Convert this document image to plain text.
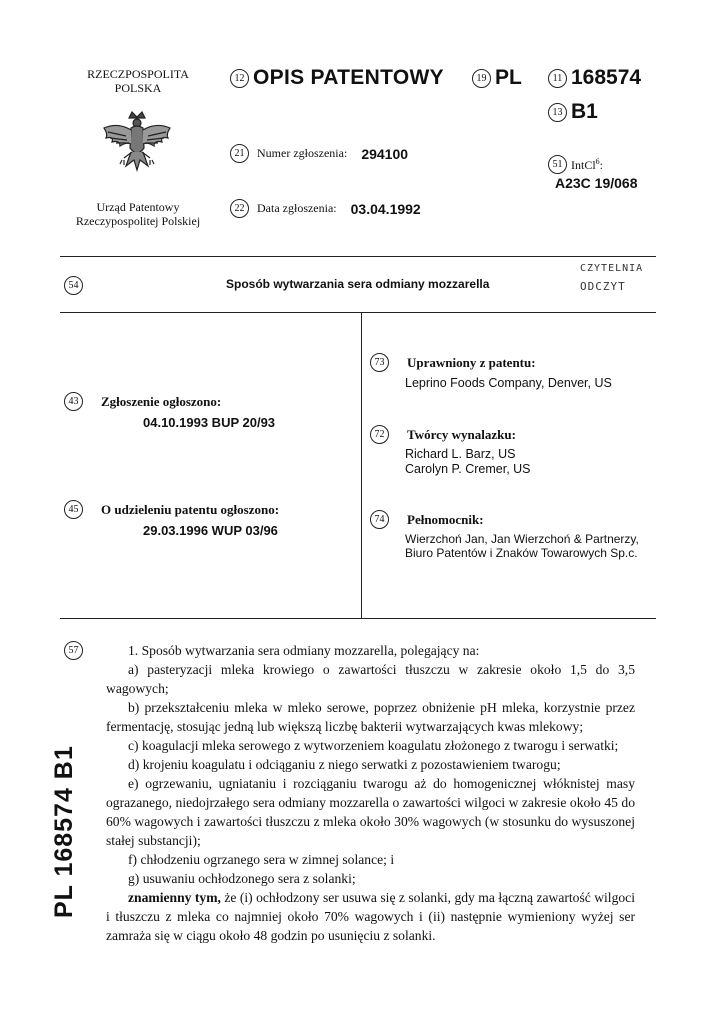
RZECZPOSPOLITA
POLSKA
Urząd Patentowy
Rzeczypospolitej Polskiej
12 OPIS PATENTOWY	19 PL	11 168574
13 B1
21 Numer zgłoszenia: 294100
51 IntCl$^6$:
A23C 19/068
22 Data zgłoszenia: 03.04.1992
54	Sposób wytwarzania sera odmiany mozzarella
CZYTELNIA
ODCZYT
43 Zgłoszenie ogłoszono:
04.10.1993 BUP 20/93
45 O udzieleniu patentu ogłoszono:
29.03.1996 WUP 03/96
73 Uprawniony z patentu:
Leprino Foods Company, Denver, US
72 Twórcy wynalazku:
Richard L. Barz, US
Carolyn P. Cremer, US
74 Pełnomocnik:
Wierzchoń Jan, Jan Wierzchoń & Partnerzy,
Biuro Patentów i Znaków Towarowych Sp.c.
57	1. Sposób wytwarzania sera odmiany mozzarella, polegający na:

a) pasteryzacji mleka krowiego o zawartości tłuszczu w zakresie około 1,5 do 3,5 wagowych;

b) przekształceniu mleka w mleko serowe, poprzez obniżenie pH mleka, korzystnie przez fermentację, stosując jedną lub większą liczbę bakterii wytwarzających kwas mlekowy;

c) koagulacji mleka serowego z wytworzeniem koagulatu złożonego z twarogu i serwatki;

d) krojeniu koagulatu i odciąganiu z niego serwatki z pozostawieniem twarogu;

e) ogrzewaniu, ugniataniu i rozciąganiu twarogu aż do homogenicznej włóknistej masy ograzanego, niedojrzałego sera odmiany mozzarella o zawartości wilgoci w zakresie około 45 do 60% wagowych i zawartości tłuszczu z mleka około 30% wagowych (w stosunku do wysuszonej stałej substancji);

f) chłodzeniu ogrzanego sera w zimnej solance; i

g) usuwaniu ochłodzonego sera z solanki;

znamienny tym, że (i) ochłodzony ser usuwa się z solanki, gdy ma łączną zawartość wilgoci i tłuszczu z mleka co najmniej około 70% wagowych i (ii) następnie wymieniony wyżej ser zamraża się w ciągu około 48 godzin po usunięciu z solanki.

PL 168574 B1
